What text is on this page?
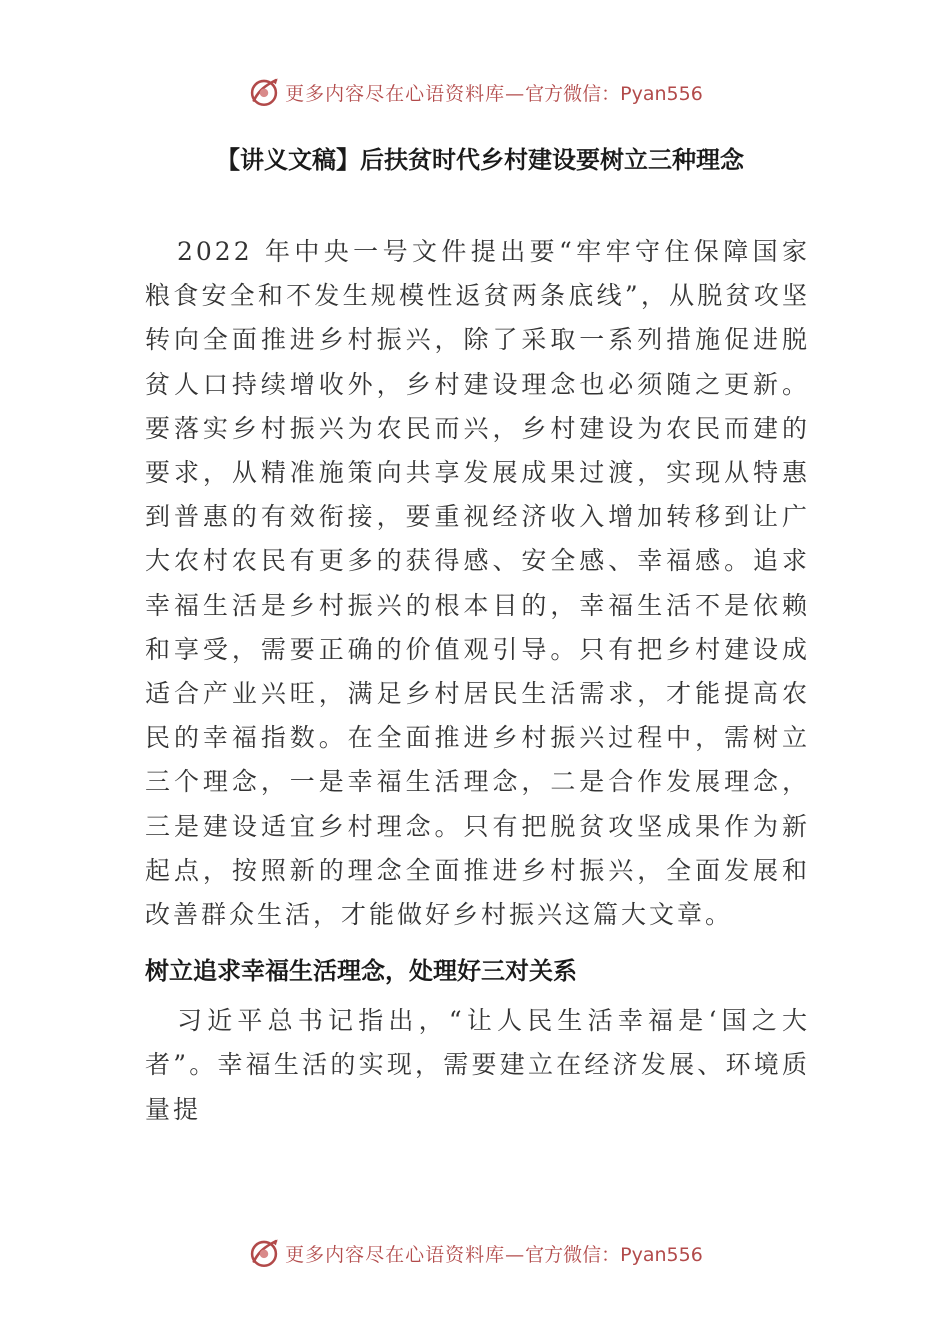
更多内容尽在心语资料库—官方微信：Pyan556
【讲义文稿】后扶贫时代乡村建设要树立三种理念

2022 年中央一号文件提出要“牢牢守住保障国家粮食安全和不发生规模性返贫两条底线”，从脱贫攻坚转向全面推进乡村振兴，除了采取一系列措施促进脱贫人口持续增收外，乡村建设理念也必须随之更新。要落实乡村振兴为农民而兴，乡村建设为农民而建的要求，从精准施策向共享发展成果过渡，实现从特惠到普惠的有效衔接，要重视经济收入增加转移到让广大农村农民有更多的获得感、安全感、幸福感。追求幸福生活是乡村振兴的根本目的，幸福生活不是依赖和享受，需要正确的价值观引导。只有把乡村建设成适合产业兴旺，满足乡村居民生活需求，才能提高农民的幸福指数。在全面推进乡村振兴过程中，需树立三个理念，一是幸福生活理念，二是合作发展理念，三是建设适宜乡村理念。只有把脱贫攻坚成果作为新起点，按照新的理念全面推进乡村振兴，全面发展和改善群众生活，才能做好乡村振兴这篇大文章。

树立追求幸福生活理念，处理好三对关系

习近平总书记指出，“让人民生活幸福是‘国之大者”。幸福生活的实现，需要建立在经济发展、环境质量提

更多内容尽在心语资料库—官方微信：Pyan556
